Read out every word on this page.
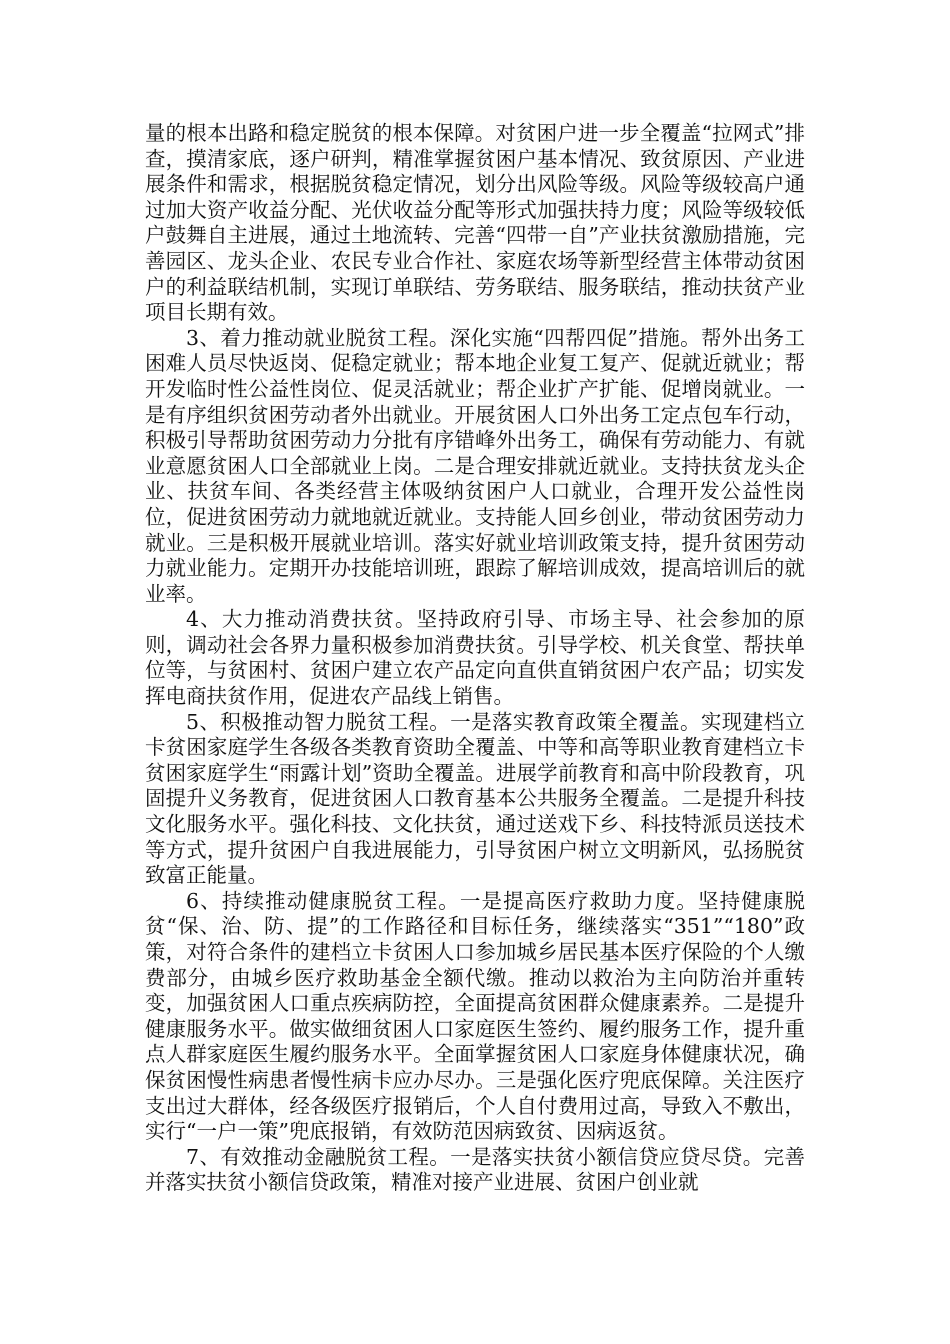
量的根本出路和稳定脱贫的根本保障。对贫困户进一步全覆盖“拉网式”排查，摸清家底，逐户研判，精准掌握贫困户基本情况、致贫原因、产业进展条件和需求，根据脱贫稳定情况，划分出风险等级。风险等级较高户通过加大资产收益分配、光伏收益分配等形式加强扶持力度；风险等级较低户鼓舞自主进展，通过土地流转、完善“四带一自”产业扶贫激励措施，完善园区、龙头企业、农民专业合作社、家庭农场等新型经营主体带动贫困户的利益联结机制，实现订单联结、劳务联结、服务联结，推动扶贫产业项目长期有效。

3、着力推动就业脱贫工程。深化实施“四帮四促”措施。帮外出务工困难人员尽快返岗、促稳定就业；帮本地企业复工复产、促就近就业；帮开发临时性公益性岗位、促灵活就业；帮企业扩产扩能、促增岗就业。一是有序组织贫困劳动者外出就业。开展贫困人口外出务工定点包车行动，积极引导帮助贫困劳动力分批有序错峰外出务工，确保有劳动能力、有就业意愿贫困人口全部就业上岗。二是合理安排就近就业。支持扶贫龙头企业、扶贫车间、各类经营主体吸纳贫困户人口就业，合理开发公益性岗位，促进贫困劳动力就地就近就业。支持能人回乡创业，带动贫困劳动力就业。三是积极开展就业培训。落实好就业培训政策支持，提升贫困劳动力就业能力。定期开办技能培训班，跟踪了解培训成效，提高培训后的就业率。

4、大力推动消费扶贫。坚持政府引导、市场主导、社会参加的原则，调动社会各界力量积极参加消费扶贫。引导学校、机关食堂、帮扶单位等，与贫困村、贫困户建立农产品定向直供直销贫困户农产品；切实发挥电商扶贫作用，促进农产品线上销售。

5、积极推动智力脱贫工程。一是落实教育政策全覆盖。实现建档立卡贫困家庭学生各级各类教育资助全覆盖、中等和高等职业教育建档立卡贫困家庭学生“雨露计划”资助全覆盖。进展学前教育和高中阶段教育，巩固提升义务教育，促进贫困人口教育基本公共服务全覆盖。二是提升科技文化服务水平。强化科技、文化扶贫，通过送戏下乡、科技特派员送技术等方式，提升贫困户自我进展能力，引导贫困户树立文明新风，弘扬脱贫致富正能量。

6、持续推动健康脱贫工程。一是提高医疗救助力度。坚持健康脱贫“保、治、防、提”的工作路径和目标任务，继续落实“351”“180”政策，对符合条件的建档立卡贫困人口参加城乡居民基本医疗保险的个人缴费部分，由城乡医疗救助基金全额代缴。推动以救治为主向防治并重转变，加强贫困人口重点疾病防控，全面提高贫困群众健康素养。二是提升健康服务水平。做实做细贫困人口家庭医生签约、履约服务工作，提升重点人群家庭医生履约服务水平。全面掌握贫困人口家庭身体健康状况，确保贫困慢性病患者慢性病卡应办尽办。三是强化医疗兜底保障。关注医疗支出过大群体，经各级医疗报销后，个人自付费用过高，导致入不敷出，实行“一户一策”兜底报销，有效防范因病致贫、因病返贫。

7、有效推动金融脱贫工程。一是落实扶贫小额信贷应贷尽贷。完善并落实扶贫小额信贷政策，精准对接产业进展、贫困户创业就
